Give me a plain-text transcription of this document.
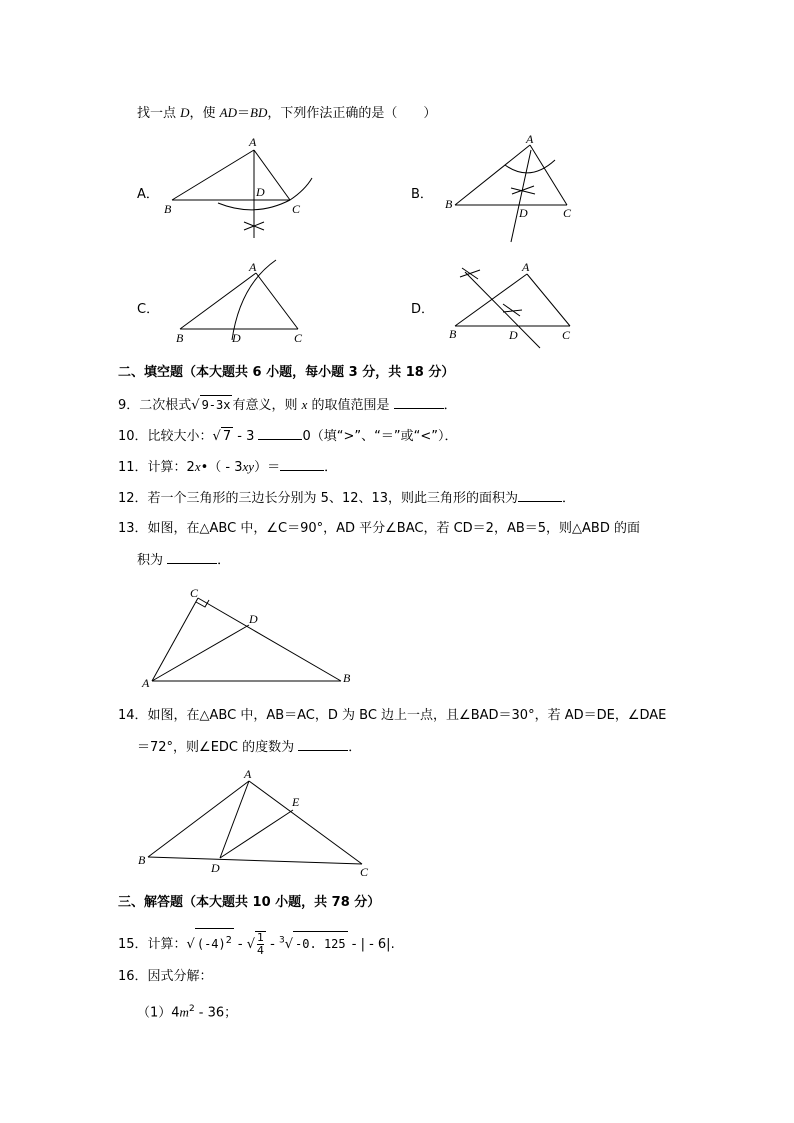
找一点 D，使 AD＝BD，下列作法正确的是（　　）
A．	B．
C．	D．
A
B
D
C
A
B
D	C
A
B	D	C
A
B	D	C
二、填空题（本大题共 6 小题，每小题 3 分，共 18 分）
9．二次根式√ 9-3x 有意义，则 x 的取值范围是	．
10．比较大小：√ 7 - 3	0（填“>”、“＝”或“<”）．
11．计算：2x•（ - 3xy）＝	．
12．若一个三角形的三边长分别为 5、12、13，则此三角形的面积为	．
13．如图，在△ABC 中，∠C＝90°，AD 平分∠BAC，若 CD＝2，AB＝5，则△ABD 的面
积为	．
C
D
A	B
14．如图，在△ABC 中，AB＝AC，D 为 BC 边上一点，且∠BAD＝30°，若 AD＝DE，∠DAE
＝72°，则∠EDC 的度数为	．
A
E
B
D	C
三、解答题（本大题共 10 小题，共 78 分）
15．计算：√ $(-4)^2$ - √ $\frac{1}{4} - ^3√$ -0. 125 - | - 6|.
16．因式分解：
$(1)4m^2 - 36$；
